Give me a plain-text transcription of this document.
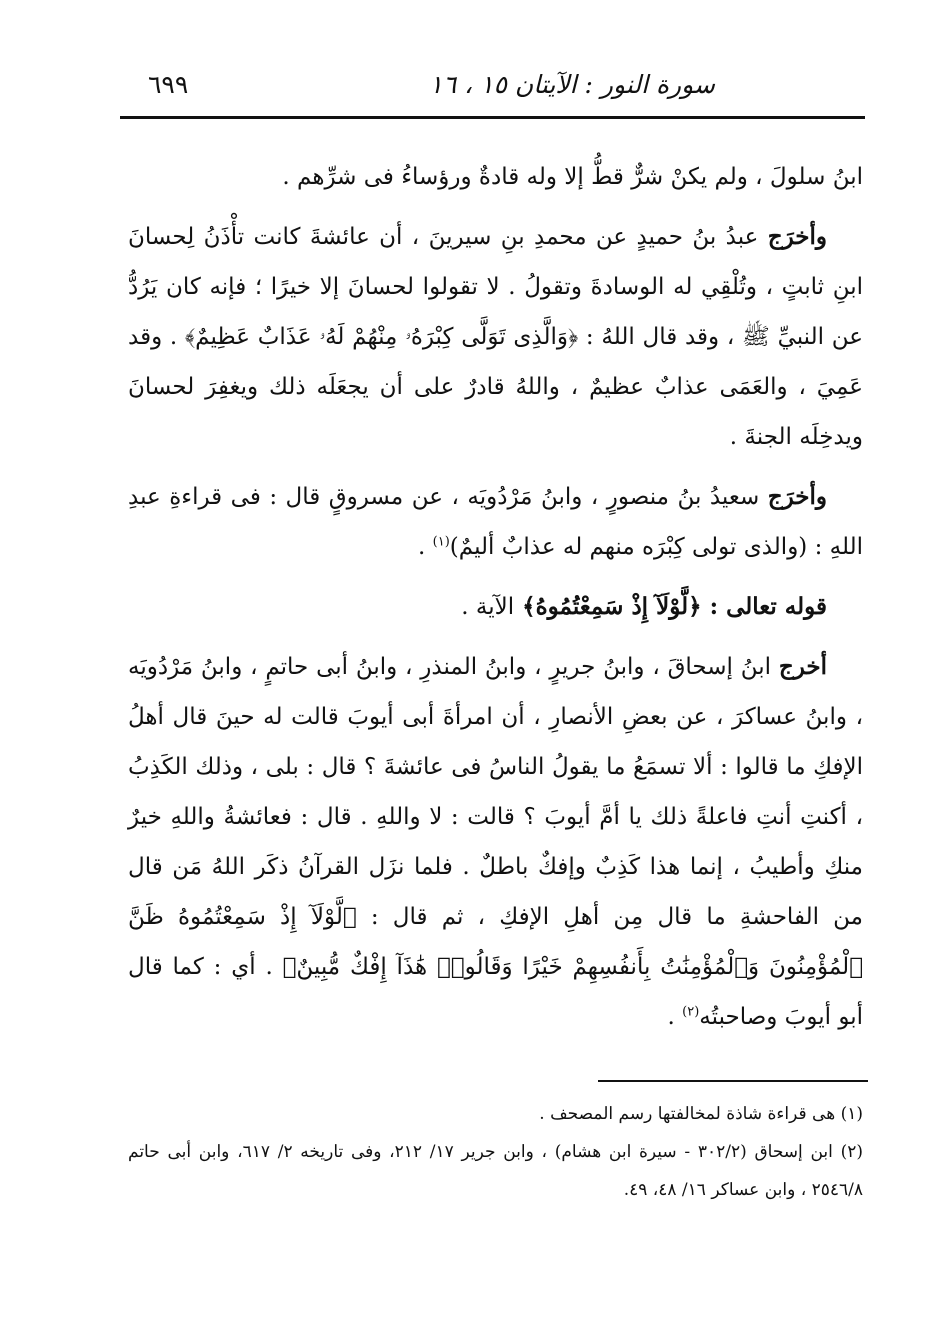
سورة النور : الآيتان ١٥ ، ١٦
٦٩٩

ابنُ سلولَ ، ولم يكنْ شرٌّ قطُّ إلا وله قادةٌ ورؤساءُ فى شرِّهم .

وأخرَج عبدُ بنُ حميدٍ عن محمدِ بنِ سيرينَ ، أن عائشةَ كانت تأْذَنُ لِحسانَ ابنِ ثابتٍ ، وتُلْقِي له الوسادةَ وتقولُ . لا تقولوا لحسانَ إلا خيرًا ؛ فإنه كان يَرُدُّ عن النبيِّ ﷺ ، وقد قال اللهُ : ﴿وَالَّذِى تَوَلَّى كِبْرَهُۥ مِنْهُمْ لَهُۥ عَذَابٌ عَظِيمٌ﴾ . وقد عَمِيَ ، والعَمَى عذابٌ عظيمٌ ، واللهُ قادرٌ على أن يجعَلَه ذلك ويغفِرَ لحسانَ ويدخِلَه الجنةَ .

وأخرَج سعيدُ بنُ منصورٍ ، وابنُ مَرْدُويَه ، عن مسروقٍ قال : فى قراءةِ عبدِ اللهِ : (والذى تولى كِبْرَه منهم له عذابٌ أليمٌ)$^{(١)}$ .

قوله تعالى : ﴿لَّوْلَآ إِذْ سَمِعْتُمُوهُ﴾ الآية .

أخرج ابنُ إسحاقَ ، وابنُ جريرٍ ، وابنُ المنذرِ ، وابنُ أبى حاتمٍ ، وابنُ مَرْدُويَه ، وابنُ عساكرَ ، عن بعضِ الأنصارِ ، أن امرأةَ أبى أيوبَ قالت له حينَ قال أهلُ الإفكِ ما قالوا : ألا تسمَعُ ما يقولُ الناسُ فى عائشةَ ؟ قال : بلى ، وذلك الكَذِبُ ، أكنتِ أنتِ فاعلةً ذلك يا أمَّ أيوبَ ؟ قالت : لا واللهِ . قال : فعائشةُ واللهِ خيرٌ منكِ وأطيبُ ، إنما هذا كَذِبٌ وإفكٌ باطلٌ . فلما نزَل القرآنُ ذكَر اللهُ مَن قال من الفاحشةِ ما قال مِن أهلِ الإفكِ ، ثم قال : ﴿لَّوْلَآ إِذْ سَمِعْتُمُوهُ ظَنَّ ٱلْمُؤْمِنُونَ وَٱلْمُؤْمِنَٰتُ بِأَنفُسِهِمْ خَيْرًا وَقَالُوا۟ هَٰذَآ إِفْكٌ مُّبِينٌ﴾ . أي : كما قال أبو أيوبَ وصاحبتُه$^{(٢)}$ .

(١) هى قراءة شاذة لمخالفتها رسم المصحف .

(٢) ابن إسحاق (٣٠٢/٢ - سيرة ابن هشام) ، وابن جرير ١٧/ ٢١٢، وفى تاريخه ٢/ ٦١٧، وابن أبى حاتم ٢٥٤٦/٨ ، وابن عساكر ١٦/ ٤٨، ٤٩.
